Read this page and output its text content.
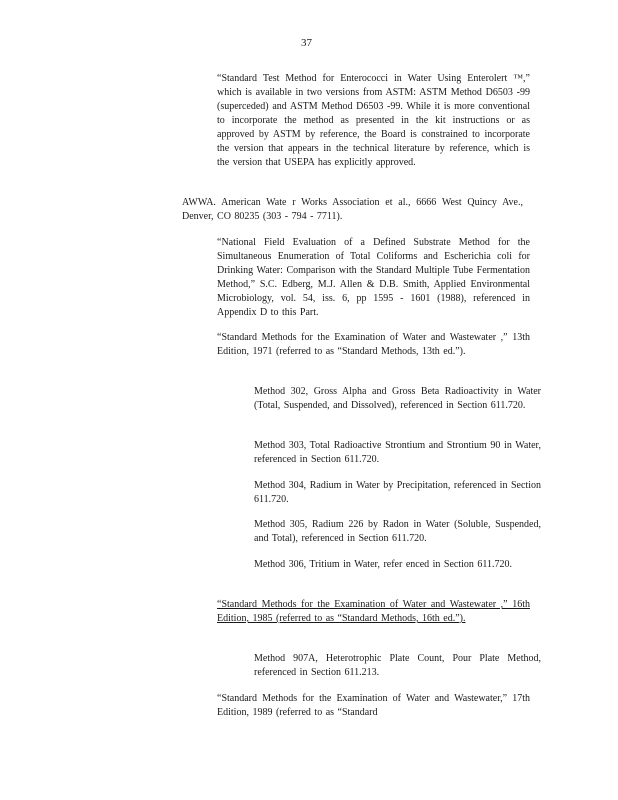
37
“Standard Test Method for Enterococci in Water Using Enterolert ™,” which is available in two versions from ASTM: ASTM Method D6503 -99 (superceded) and ASTM Method D6503 -99. While it is more conventional to incorporate the method as presented in the kit instructions or as approved by ASTM by reference, the Board is constrained to incorporate the version that appears in the technical literature by reference, which is the version that USEPA has explicitly approved.
AWWA. American Wate r Works Association et al., 6666 West Quincy Ave., Denver, CO 80235 (303 - 794 - 7711).
“National Field Evaluation of a Defined Substrate Method for the Simultaneous Enumeration of Total Coliforms and Escherichia coli for Drinking Water: Comparison with the Standard Multiple Tube Fermentation Method,” S.C. Edberg, M.J. Allen & D.B. Smith, Applied Environmental Microbiology, vol. 54, iss. 6, pp 1595 - 1601 (1988), referenced in Appendix D to this Part.
“Standard Methods for the Examination of Water and Wastewater ,” 13th Edition, 1971 (referred to as “Standard Methods, 13th ed.”).
Method 302, Gross Alpha and Gross Beta Radioactivity in Water (Total, Suspended, and Dissolved), referenced in Section 611.720.
Method 303, Total Radioactive Strontium and Strontium 90 in Water, referenced in Section 611.720.
Method 304, Radium in Water by Precipitation, referenced in Section 611.720.
Method 305, Radium 226 by Radon in Water (Soluble, Suspended, and Total), referenced in Section 611.720.
Method 306, Tritium in Water, refer enced in Section 611.720.
“Standard Methods for the Examination of Water and Wastewater ,” 16th Edition, 1985 (referred to as “Standard Methods, 16th ed.”).
Method 907A, Heterotrophic Plate Count, Pour Plate Method, referenced in Section 611.213.
“Standard Methods for the Examination of Water and Wastewater,” 17th Edition, 1989 (referred to as “Standard
